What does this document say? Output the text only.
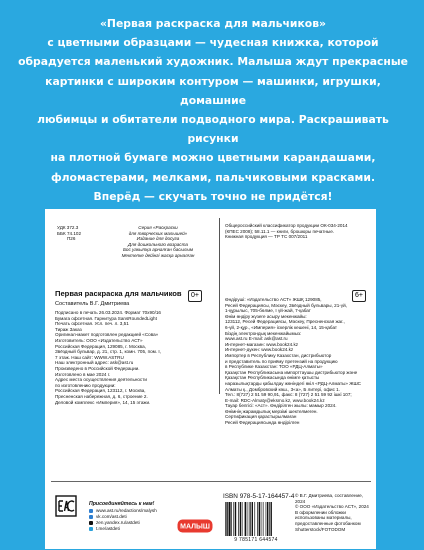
«Первая раскраска для мальчиков»

с цветными образцами — чудесная книжка, которой

обрадуется маленький художник. Малыша ждут прекрасные

картинки с широким контуром — машинки, игрушки, домашние

любимцы и обитатели подводного мира. Раскрашивать рисунки

на плотной бумаге можно цветными карандашами,

фломастерами, мелками, пальчиковыми красками.

Вперёд — скучать точно не придётся!

УДК 372.3
ББК 74.102
П26
Серия «Раскраски
для творческих малышей»
Издание для досуга
Для дошкольного возраста
Бос уакытқа арналған басылым
Мектепке дейінгі жасқа арналған
Общероссийский классификатор продукции ОК-034-2014
(КПЕС 2008); 58.11.1 — книги, брошюры печатные.
Книжная продукция — ТР ТС 007/2011
Первая раскраска для мальчиков	0+	6+
Составитель В.Г. Дмитриева
Подписано в печать 26.03.2024. Формат 70x90/16
Бумага офсетная. Гарнитура SansRoundedLight
Печать офсетная. Усл. печ. л. 3,51
Тираж Заказ
Оригинал-макет подготовлен редакцией «Сова»
Изготовитель: ООО «Издательство АСТ»
Российская Федерация, 129085, г. Москва,
Звёздный бульвар, д. 21, стр. 1, комн. 705, пом. I,
7 этаж. Наш сайт: WWW.ASTRU
Наш электронный адрес: ask@ast.ru
Произведено в Российской Федерации.
Изготовлено в мае 2024 г.
Адрес места осуществления деятельности
по изготовлению продукции:
Российская Федерация, 123112, г. Москва,
Пресненская набережная, д. 6, строение 2.
Деловой комплекс «Империя», 14, 15 этажи.
Өндіруші: «Издательство АСТ» ЖШҚ 129085,
Ресей Федерациясы, Мәскеу, Звёздный бульвары, 21-үй,
1-құрылыс, 705-бөлме, I үй-жай, 7-қабат
Өнім өндіру жүзеге асыру мекенжайы:
123112, Ресей Федерациясы, Мәскеу, Пресненская жаг.,
6-үй, 2-құр., «Империя» іскерлік кешені, 14, 15-қабат
Біздің электрондық мекенжайымыз:
www.ast.ru E-mail: ask@ast.ru
Интернет-магазин: www.book24.kz
Интернет-дүкен: www.book24.kz
Импортер в Республику Казахстан, дистрибьютор
и представитель по приёму претензий на продукцию
в Республике Казахстан: ТОО «РДЦ-Алматы»
Қазақстан Республикасына импорттаушы дистрибьютор және
Қазақстан Республикасында өнімге қатысты
наразылықтарды қабылдау жөніндегі өкіл «РДЦ-Алматы» ЖШС
Алматы қ., Домбровский көш., 3«а», Б литері, офис 1.
Тел.: 8(727) 2 51 59 90,91, факс: 8 (727) 2 51 59 92 ішкі 107;
E-mail: RDC-Almaty@eksmo.kz, www.book24.kz
Тауар белгісі: «Аст». Өндірілген жылы: мамыр 2024.
Өнімнің жарамдылық мерзімі шектелмеген.
Сертификация қарастырылмаған
Ресей Федерациясында өндірілген
Присоединяйтесь к нам!
www.ast.ru/redactions/malysh
vk.com/ast.deti
zen.yandex.ru/astdeti
t.me/astdeti	МАЛЫШ
ISBN 978-5-17-164457-4
9 785171 644574
© В.Г. Дмитриева, составление, 2024
© ООО «Издательство АСТ», 2024
В оформлении обложки
использованы материалы,
предоставленные фотобанком
Shutterstock/FOTODOM
